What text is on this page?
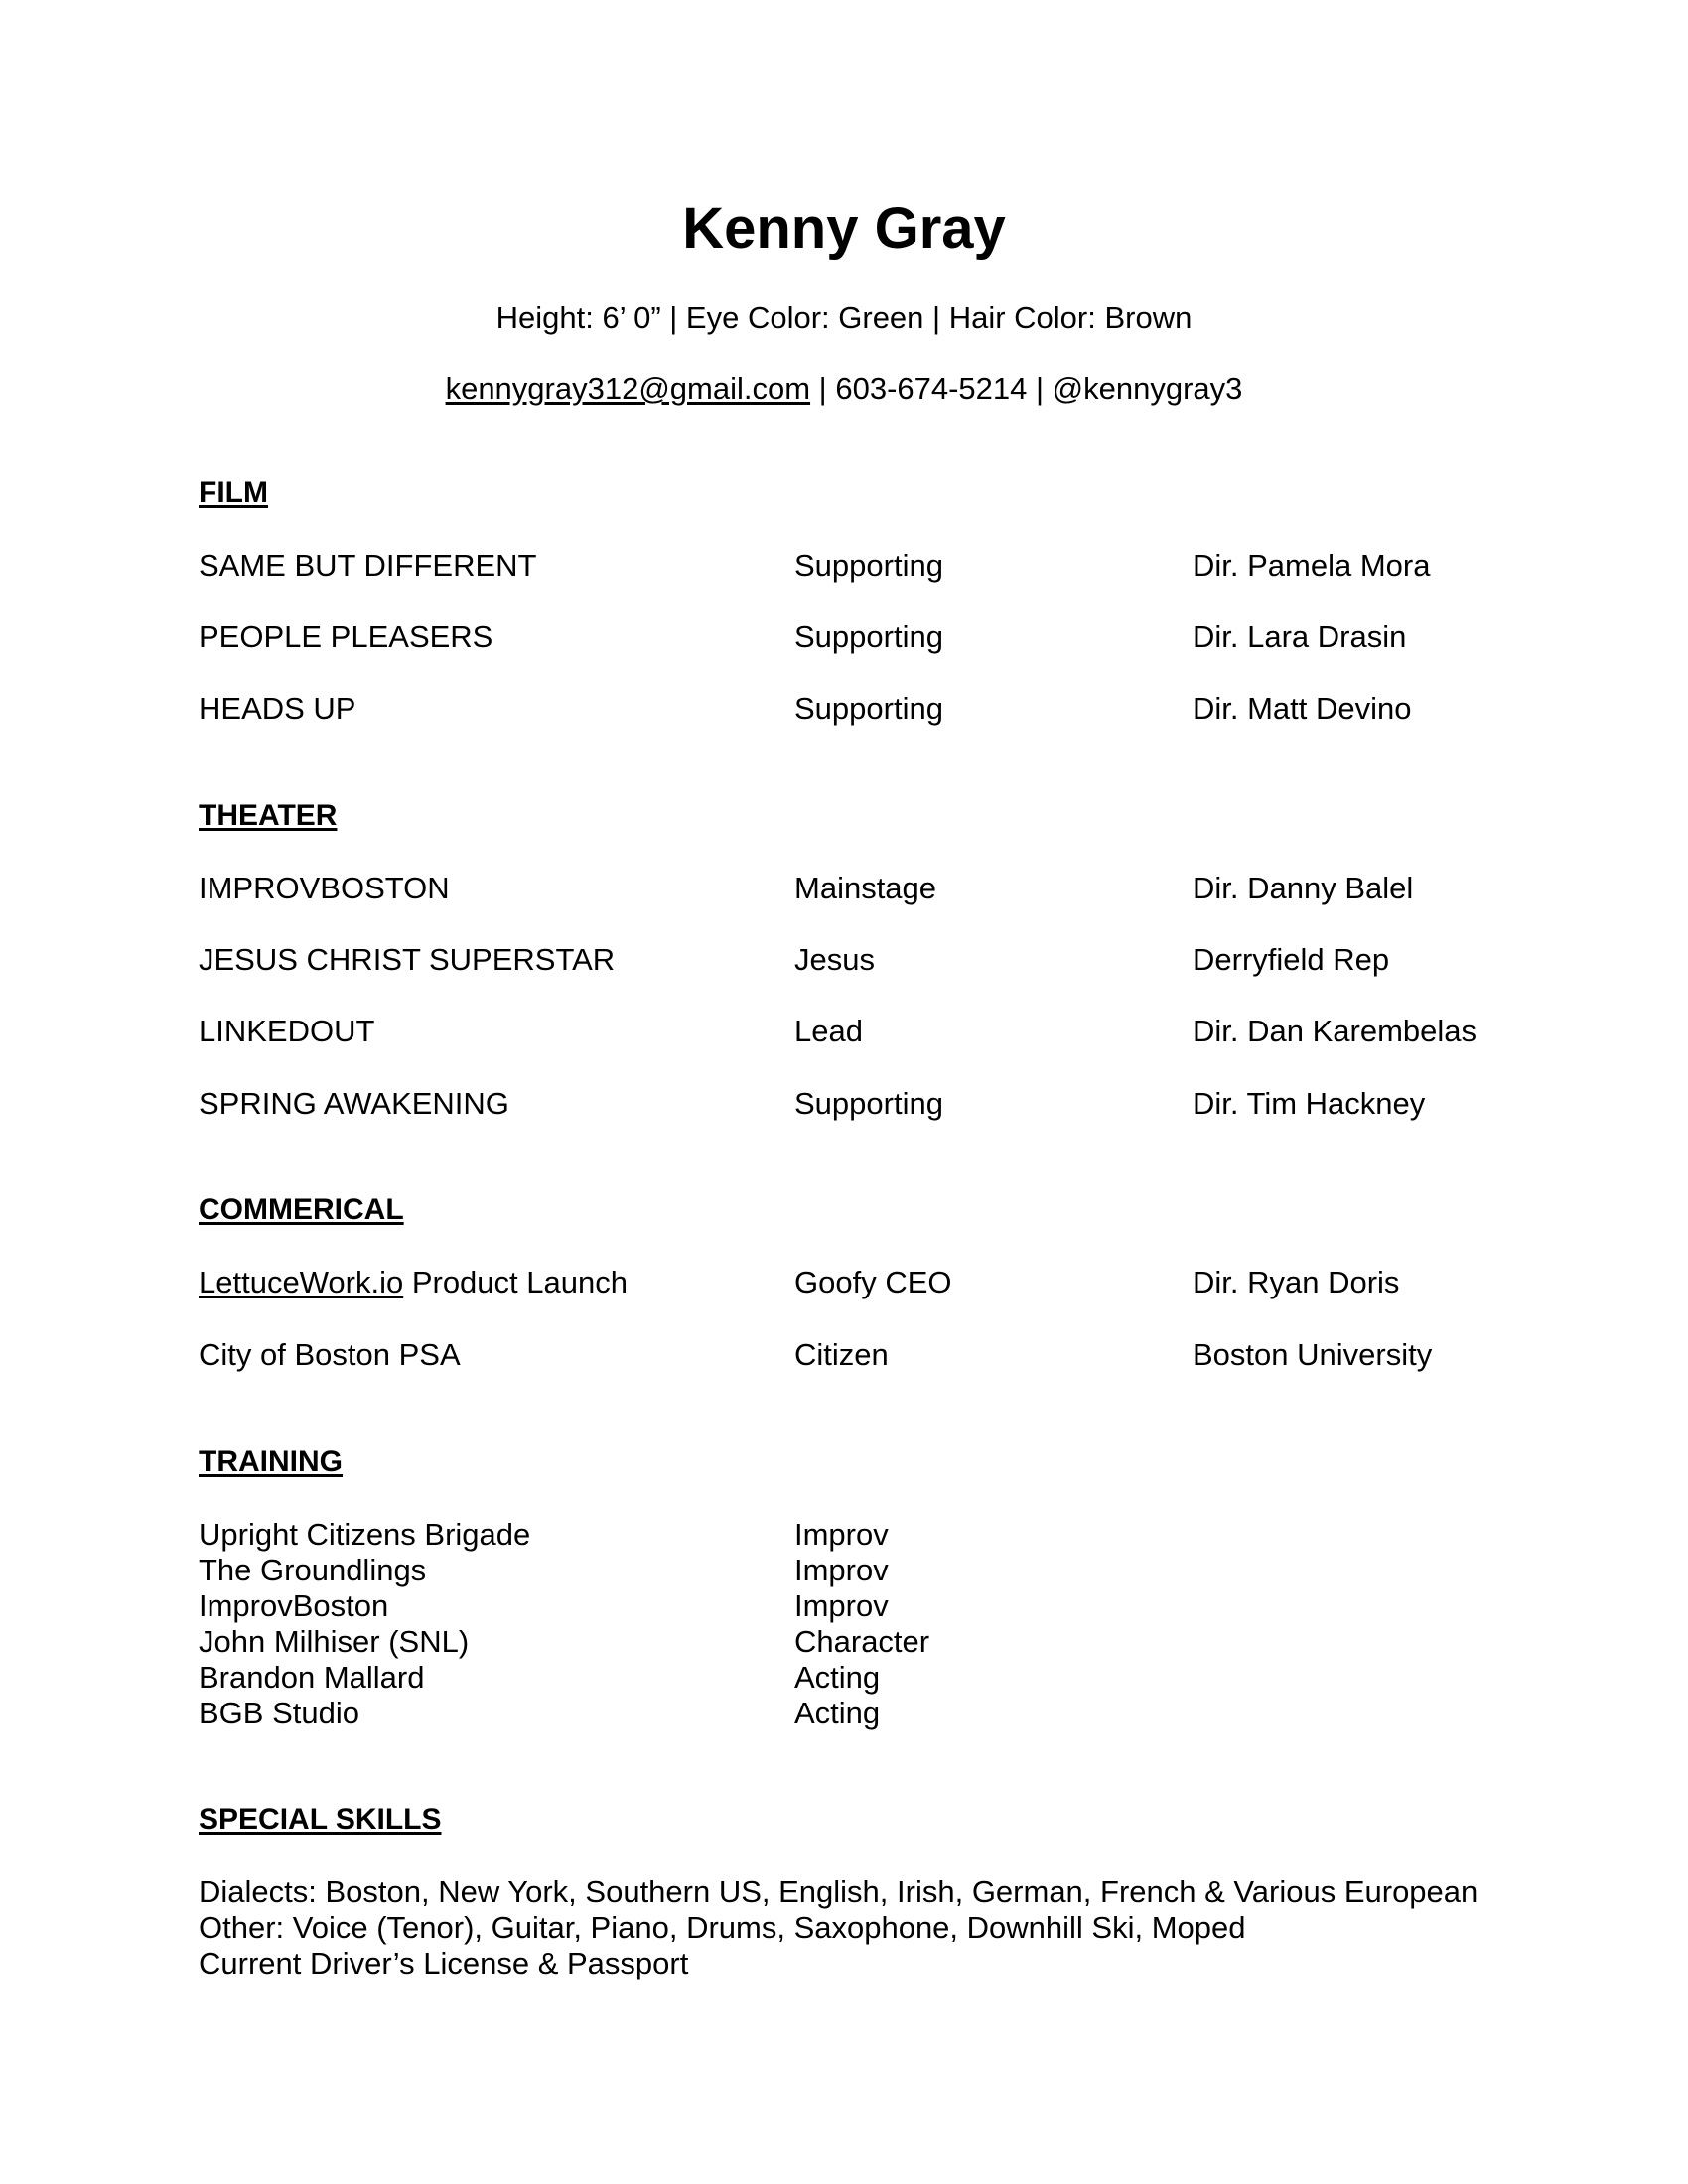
Kenny Gray
Height: 6’ 0” | Eye Color: Green | Hair Color: Brown
kennygray312@gmail.com | 603-674-5214 | @kennygray3
FILM
SAME BUT DIFFERENT	Supporting	Dir. Pamela Mora
PEOPLE PLEASERS	Supporting	Dir. Lara Drasin
HEADS UP	Supporting	Dir. Matt Devino
THEATER
IMPROVBOSTON	Mainstage	Dir. Danny Balel
JESUS CHRIST SUPERSTAR	Jesus	Derryfield Rep
LINKEDOUT	Lead	Dir. Dan Karembelas
SPRING AWAKENING	Supporting	Dir. Tim Hackney
COMMERICAL
LettuceWork.io Product Launch	Goofy CEO	Dir. Ryan Doris
City of Boston PSA	Citizen	Boston University
TRAINING
Upright Citizens Brigade	Improv
The Groundlings	Improv
ImprovBoston	Improv
John Milhiser (SNL)	Character
Brandon Mallard	Acting
BGB Studio	Acting
SPECIAL SKILLS
Dialects: Boston, New York, Southern US, English, Irish, German, French & Various European
Other: Voice (Tenor), Guitar, Piano, Drums, Saxophone, Downhill Ski, Moped
Current Driver’s License & Passport
